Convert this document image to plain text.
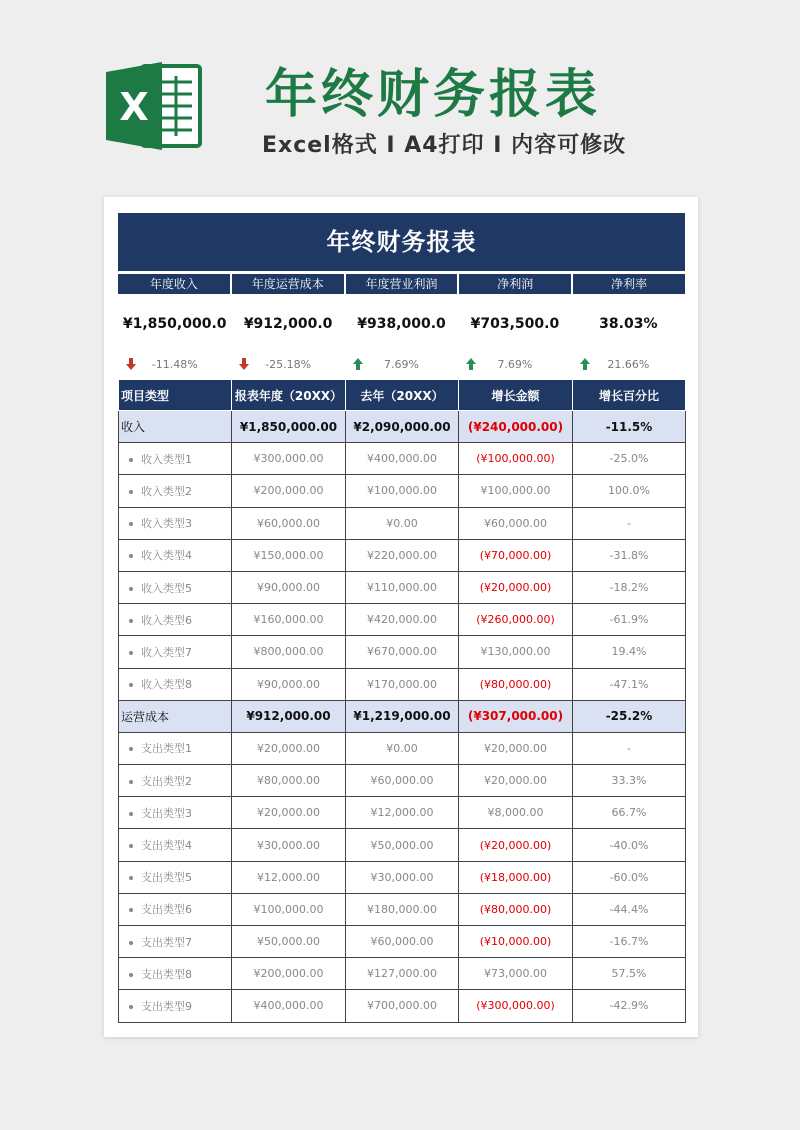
X 年终财务报表
Excel格式 I A4打印 I 内容可修改
年终财务报表
年度收入	年度运营成本	年度营业利润	净利润	净利率
¥1,850,000.0	¥912,000.0	¥938,000.0	¥703,500.0	38.03%
-11.48%	-25.18%	7.69%	7.69%	21.66%
项目类型	报表年度（20XX）	去年（20XX）	增长金额	增长百分比
收入	¥1,850,000.00	¥2,090,000.00	(¥240,000.00)	-11.5%
收入类型1	¥300,000.00	¥400,000.00	(¥100,000.00)	-25.0%
收入类型2	¥200,000.00	¥100,000.00	¥100,000.00	100.0%
收入类型3	¥60,000.00	¥0.00	¥60,000.00	-
收入类型4	¥150,000.00	¥220,000.00	(¥70,000.00)	-31.8%
收入类型5	¥90,000.00	¥110,000.00	(¥20,000.00)	-18.2%
收入类型6	¥160,000.00	¥420,000.00	(¥260,000.00)	-61.9%
收入类型7	¥800,000.00	¥670,000.00	¥130,000.00	19.4%
收入类型8	¥90,000.00	¥170,000.00	(¥80,000.00)	-47.1%
运营成本	¥912,000.00	¥1,219,000.00	(¥307,000.00)	-25.2%
支出类型1	¥20,000.00	¥0.00	¥20,000.00	-
支出类型2	¥80,000.00	¥60,000.00	¥20,000.00	33.3%
支出类型3	¥20,000.00	¥12,000.00	¥8,000.00	66.7%
支出类型4	¥30,000.00	¥50,000.00	(¥20,000.00)	-40.0%
支出类型5	¥12,000.00	¥30,000.00	(¥18,000.00)	-60.0%
支出类型6	¥100,000.00	¥180,000.00	(¥80,000.00)	-44.4%
支出类型7	¥50,000.00	¥60,000.00	(¥10,000.00)	-16.7%
支出类型8	¥200,000.00	¥127,000.00	¥73,000.00	57.5%
支出类型9	¥400,000.00	¥700,000.00	(¥300,000.00)	-42.9%
